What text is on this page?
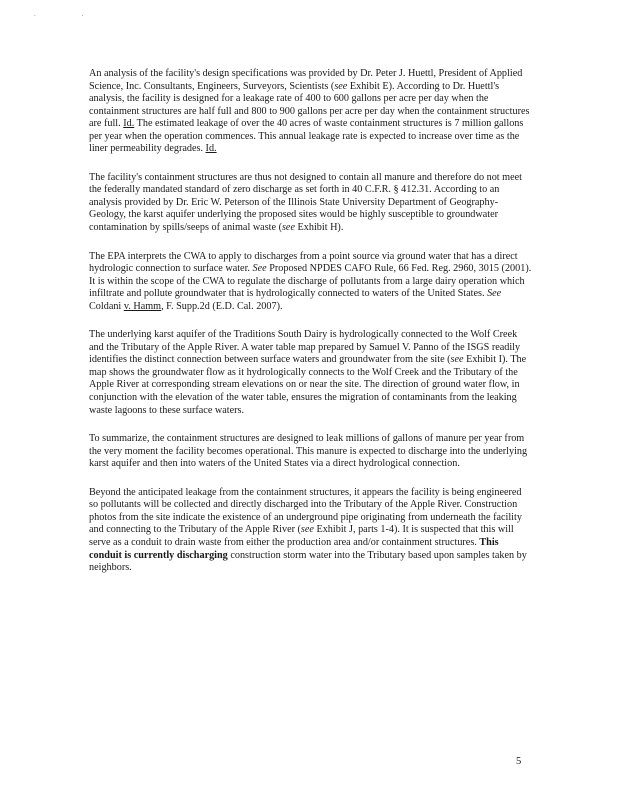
. .

An analysis of the facility's design specifications was provided by Dr. Peter J. Huettl, President of Applied Science, Inc. Consultants, Engineers, Surveyors, Scientists (see Exhibit E). According to Dr. Huettl's analysis, the facility is designed for a leakage rate of 400 to 600 gallons per acre per day when the containment structures are half full and 800 to 900 gallons per acre per day when the containment structures are full. Id. The estimated leakage of over the 40 acres of waste containment structures is 7 million gallons per year when the operation commences. This annual leakage rate is expected to increase over time as the liner permeability degrades. Id.

The facility's containment structures are thus not designed to contain all manure and therefore do not meet the federally mandated standard of zero discharge as set forth in 40 C.F.R. § 412.31. According to an analysis provided by Dr. Eric W. Peterson of the Illinois State University Department of Geography-Geology, the karst aquifer underlying the proposed sites would be highly susceptible to groundwater contamination by spills/seeps of animal waste (see Exhibit H).

The EPA interprets the CWA to apply to discharges from a point source via ground water that has a direct hydrologic connection to surface water. See Proposed NPDES CAFO Rule, 66 Fed. Reg. 2960, 3015 (2001). It is within the scope of the CWA to regulate the discharge of pollutants from a large dairy operation which infiltrate and pollute groundwater that is hydrologically connected to waters of the United States. See Coldani v. Hamm, F. Supp.2d (E.D. Cal. 2007).

The underlying karst aquifer of the Traditions South Dairy is hydrologically connected to the Wolf Creek and the Tributary of the Apple River. A water table map prepared by Samuel V. Panno of the ISGS readily identifies the distinct connection between surface waters and groundwater from the site (see Exhibit I). The map shows the groundwater flow as it hydrologically connects to the Wolf Creek and the Tributary of the Apple River at corresponding stream elevations on or near the site. The direction of ground water flow, in conjunction with the elevation of the water table, ensures the migration of contaminants from the leaking waste lagoons to these surface waters.

To summarize, the containment structures are designed to leak millions of gallons of manure per year from the very moment the facility becomes operational. This manure is expected to discharge into the underlying karst aquifer and then into waters of the United States via a direct hydrological connection.

Beyond the anticipated leakage from the containment structures, it appears the facility is being engineered so pollutants will be collected and directly discharged into the Tributary of the Apple River. Construction photos from the site indicate the existence of an underground pipe originating from underneath the facility and connecting to the Tributary of the Apple River (see Exhibit J, parts 1-4). It is suspected that this will serve as a conduit to drain waste from either the production area and/or containment structures. This conduit is currently discharging construction storm water into the Tributary based upon samples taken by neighbors.

5
